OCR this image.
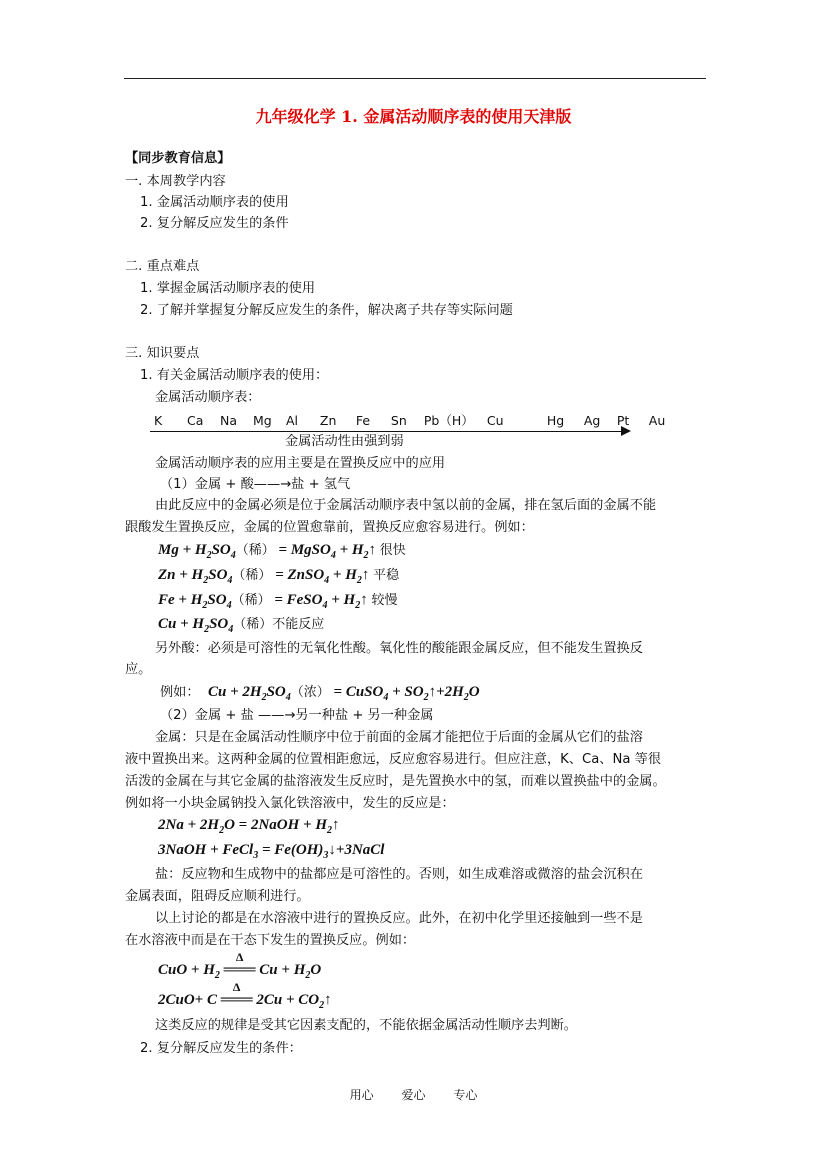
九年级化学 1. 金属活动顺序表的使用天津版
【同步教育信息】
一. 本周教学内容
1. 金属活动顺序表的使用
2. 复分解反应发生的条件
二. 重点难点
1. 掌握金属活动顺序表的使用
2. 了解并掌握复分解反应发生的条件，解决离子共存等实际问题
三. 知识要点
1. 有关金属活动顺序表的使用：
金属活动顺序表：
K Ca Na Mg Al Zn Fe Sn Pb（H） Cu	Hg Ag Pt Au
金属活动性由强到弱
金属活动顺序表的应用主要是在置换反应中的应用
（1）金属 + 酸——→盐 + 氢气
由此反应中的金属必须是位于金属活动顺序表中氢以前的金属，排在氢后面的金属不能
跟酸发生置换反应，金属的位置愈靠前，置换反应愈容易进行。例如：
$Mg + H_2SO_4$（稀） = MgSO$_4$ + $H_2↑$ 很快
$Zn + H_2SO_4$（稀） = ZnSO$_4$ + $H_2↑$ 平稳
$Fe + H_2SO_4$（稀） = FeSO$_4$ + $H_2↑$ 较慢
$Cu + H_2SO_4$（稀）不能反应
另外酸：必须是可溶性的无氧化性酸。氧化性的酸能跟金属反应，但不能发生置换反
应。
例如： $Cu + 2H_2SO_4$（浓） = CuSO$_4$ + $SO_2↑+2H_2O$
（2）金属 + 盐 ——→另一种盐 + 另一种金属
金属：只是在金属活动性顺序中位于前面的金属才能把位于后面的金属从它们的盐溶
液中置换出来。这两种金属的位置相距愈远，反应愈容易进行。但应注意，K、Ca、Na 等很
活泼的金属在与其它金属的盐溶液发生反应时，是先置换水中的氢，而难以置换盐中的金属。
例如将一小块金属钠投入氯化铁溶液中，发生的反应是：
$2Na + 2H_2O$ = 2NaOH + $H_2↑$
3NaOH + FeCl$_3$ = $Fe(OH)_3↓+3NaCl$
盐：反应物和生成物中的盐都应是可溶性的。否则，如生成难溶或微溶的盐会沉积在
金属表面，阻碍反应顺利进行。
以上讨论的都是在水溶液中进行的置换反应。此外，在初中化学里还接触到一些不是
在水溶液中而是在干态下发生的置换反应。例如：
CuO + $H_2$ ═══
Δ
$Cu + H_2O$
2CuO+ C ═══
Δ
$2Cu + CO_2↑$
这类反应的规律是受其它因素支配的，不能依据金属活动性顺序去判断。
2. 复分解反应发生的条件：
用心 爱心 专心
